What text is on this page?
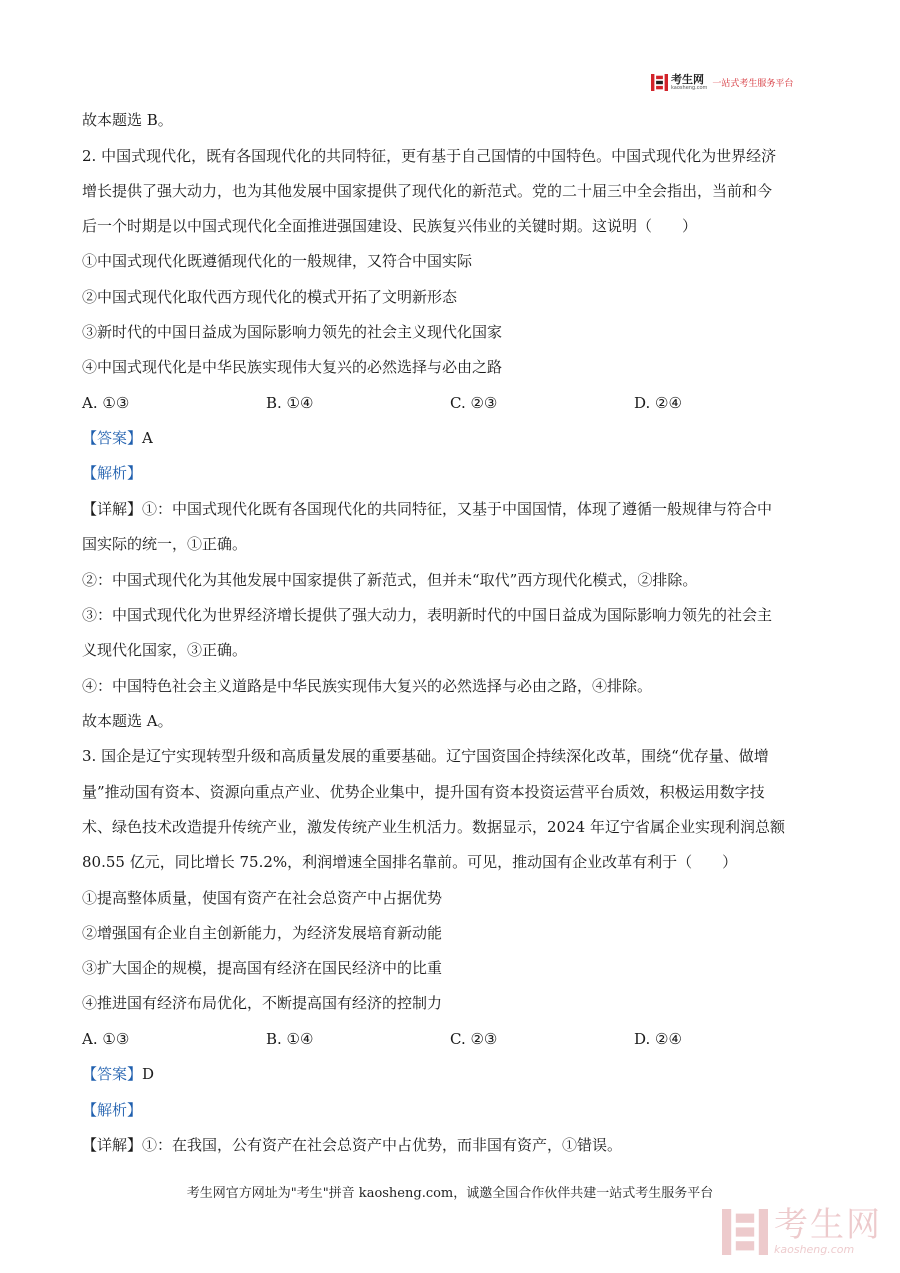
考生网
kaosheng.com 一站式考生服务平台
故本题选 B。
2. 中国式现代化，既有各国现代化的共同特征，更有基于自己国情的中国特色。中国式现代化为世界经济
增长提供了强大动力，也为其他发展中国家提供了现代化的新范式。党的二十届三中全会指出，当前和今
后一个时期是以中国式现代化全面推进强国建设、民族复兴伟业的关键时期。这说明（　　）
①中国式现代化既遵循现代化的一般规律，又符合中国实际
②中国式现代化取代西方现代化的模式开拓了文明新形态
③新时代的中国日益成为国际影响力领先的社会主义现代化国家
④中国式现代化是中华民族实现伟大复兴的必然选择与必由之路
A. ①③	B. ①④	C. ②③	D. ②④
【答案】A
【解析】
【详解】①：中国式现代化既有各国现代化的共同特征，又基于中国国情，体现了遵循一般规律与符合中
国实际的统一，①正确。
②：中国式现代化为其他发展中国家提供了新范式，但并未“取代”西方现代化模式，②排除。
③：中国式现代化为世界经济增长提供了强大动力，表明新时代的中国日益成为国际影响力领先的社会主
义现代化国家，③正确。
④：中国特色社会主义道路是中华民族实现伟大复兴的必然选择与必由之路，④排除。
故本题选 A。
3. 国企是辽宁实现转型升级和高质量发展的重要基础。辽宁国资国企持续深化改革，围绕“优存量、做增
量”推动国有资本、资源向重点产业、优势企业集中，提升国有资本投资运营平台质效，积极运用数字技
术、绿色技术改造提升传统产业，激发传统产业生机活力。数据显示，2024 年辽宁省属企业实现利润总额
80.55 亿元，同比增长 75.2%，利润增速全国排名靠前。可见，推动国有企业改革有利于（　　）
①提高整体质量，使国有资产在社会总资产中占据优势
②增强国有企业自主创新能力，为经济发展培育新动能
③扩大国企的规模，提高国有经济在国民经济中的比重
④推进国有经济布局优化，不断提高国有经济的控制力
A. ①③	B. ①④	C. ②③	D. ②④
【答案】D
【解析】
【详解】①：在我国，公有资产在社会总资产中占优势，而非国有资产，①错误。
考生网官方网址为"考生"拼音 kaosheng.com，诚邀全国合作伙伴共建一站式考生服务平台
考生网
kaosheng.com
